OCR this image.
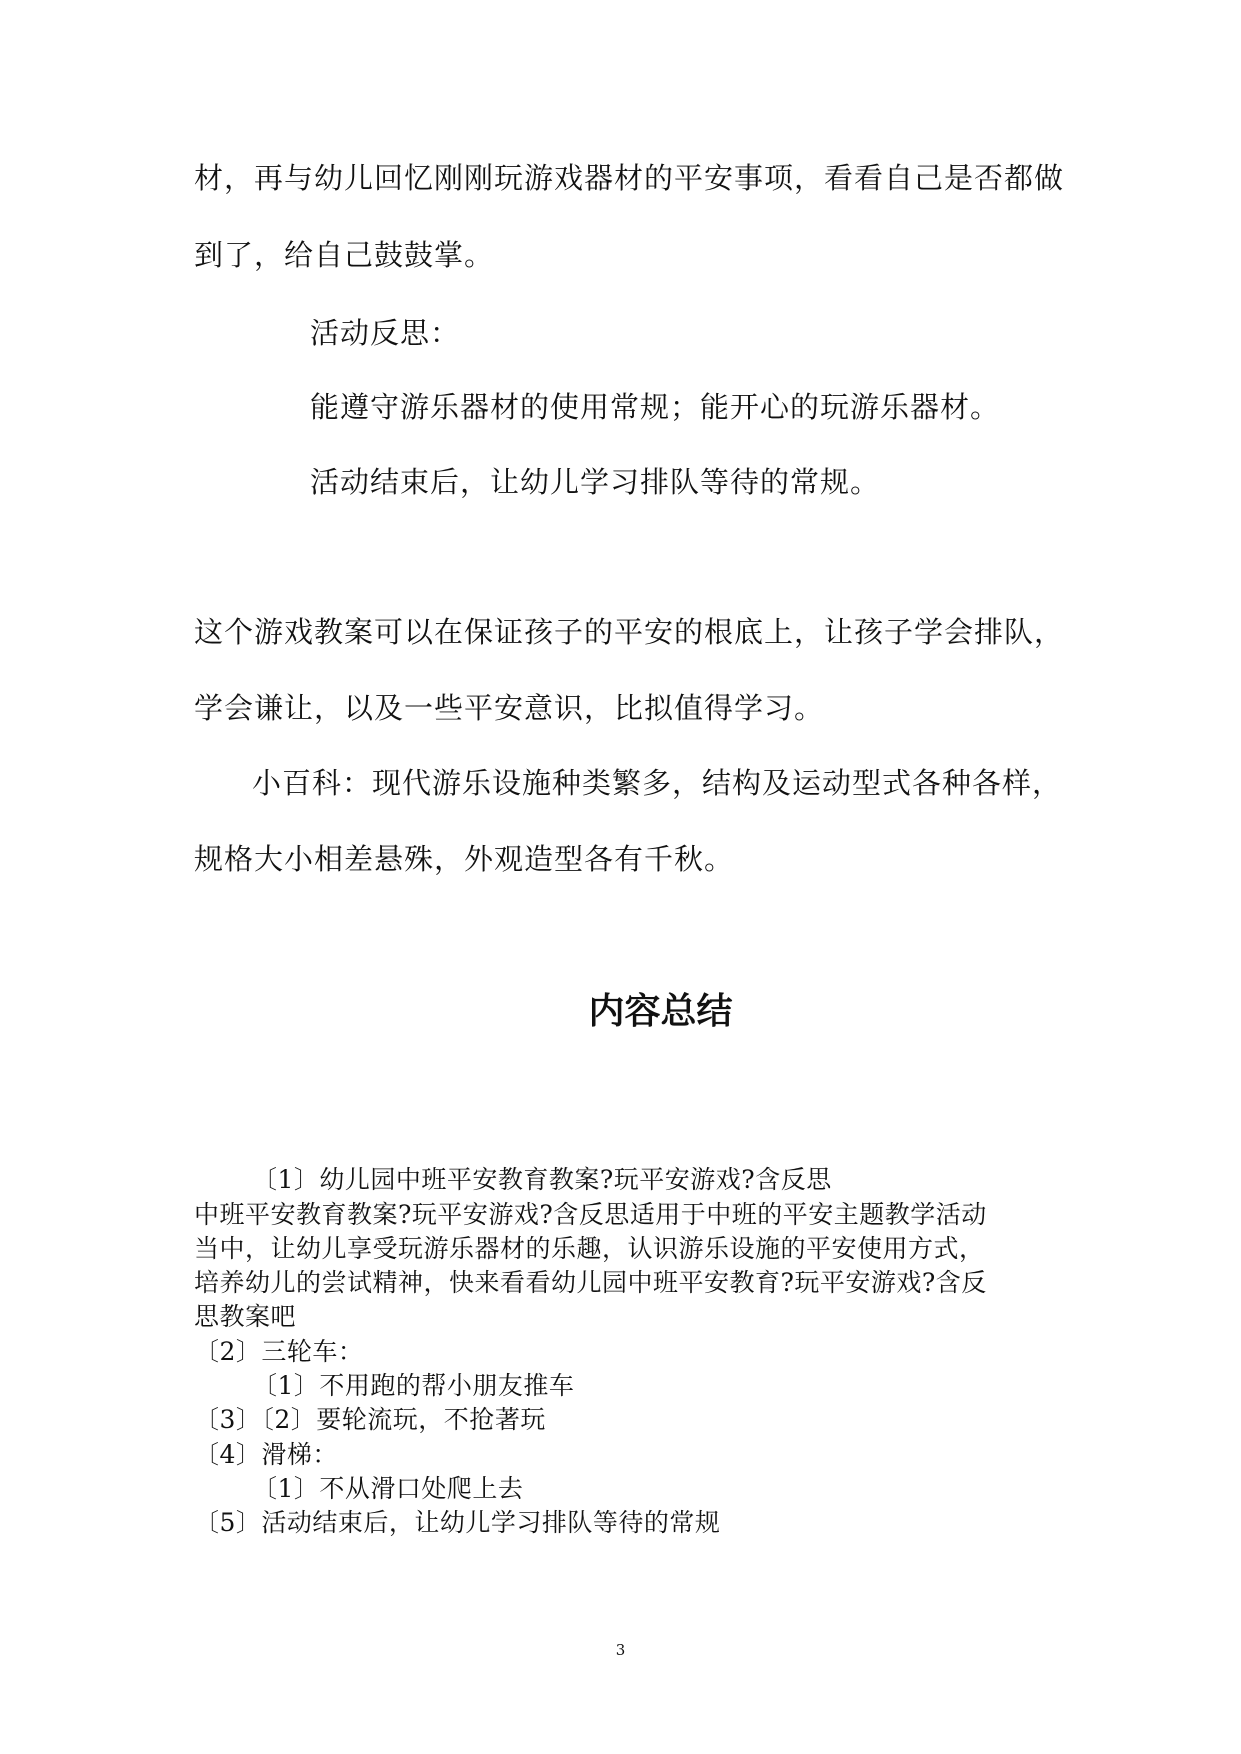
材，再与幼儿回忆刚刚玩游戏器材的平安事项，看看自己是否都做
到了，给自己鼓鼓掌。
活动反思：
能遵守游乐器材的使用常规；能开心的玩游乐器材。
活动结束后，让幼儿学习排队等待的常规。
这个游戏教案可以在保证孩子的平安的根底上，让孩子学会排队，
学会谦让，以及一些平安意识，比拟值得学习。
小百科：现代游乐设施种类繁多，结构及运动型式各种各样，
规格大小相差悬殊，外观造型各有千秋。
内容总结
〔1〕幼儿园中班平安教育教案?玩平安游戏?含反思
中班平安教育教案?玩平安游戏?含反思适用于中班的平安主题教学活动
当中，让幼儿享受玩游乐器材的乐趣，认识游乐设施的平安使用方式，
培养幼儿的尝试精神，快来看看幼儿园中班平安教育?玩平安游戏?含反
思教案吧
〔2〕三轮车：
〔1〕不用跑的帮小朋友推车
〔3〕〔2〕要轮流玩，不抢著玩
〔4〕滑梯：
〔1〕不从滑口处爬上去
〔5〕活动结束后，让幼儿学习排队等待的常规
3
